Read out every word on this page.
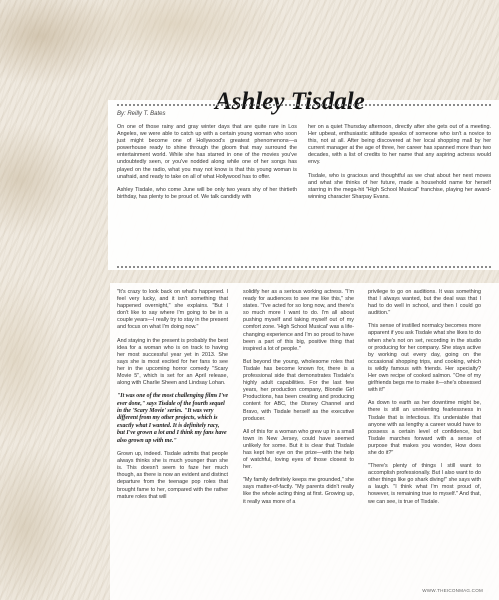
Ashley Tisdale
By: Reilly T. Bates

On one of those rainy and gray winter days that are quite rare in Los Angeles, we were able to catch up with a certain young woman who soon just might become one of Hollywood's greatest phenomenons—a powerhouse ready to shine through the gloom that may surround the entertainment world. While she has starred in one of the movies you've undoubtedly seen, or you've nodded along while one of her songs has played on the radio, what you may not know is that this young woman is unafraid, and ready to take on all of what Hollywood has to offer.

Ashley Tisdale, who come June will be only two years shy of her thirtieth birthday, has plenty to be proud of. We talk candidly with

her on a quiet Thursday afternoon, directly after she gets out of a meeting. Her upbeat, enthusiastic attitude speaks of someone who isn't a novice to this, not at all. After being discovered at her local shopping mall by her current manager at the age of three, her career has spanned more than two decades, with a list of credits to her name that any aspiring actress would envy.

Tisdale, who is gracious and thoughtful as we chat about her next moves and what she thinks of her future, made a household name for herself starring in the mega-hit "High School Musical" franchise, playing her award-winning character Sharpay Evans.

"It's crazy to look back on what's happened. I feel very lucky, and it isn't something that happened overnight," she explains. "But I don't like to say where I'm going to be in a couple years—I really try to stay in the present and focus on what I'm doing now."

And staying in the present is probably the best idea for a woman who is on track to having her most successful year yet in 2013. She says she is most excited for her fans to see her in the upcoming horror comedy "Scary Movie 5", which is set for an April release, along with Charlie Sheen and Lindsay Lohan.

"It was one of the most challenging films I've ever done," says Tisdale of the fourth sequel in the 'Scary Movie' series. "It was very different from my other projects, which is exactly what I wanted. It is definitely racy, but I've grown a lot and I think my fans have also grown up with me."

Grown up, indeed. Tisdale admits that people always thinks she is much younger than she is. This doesn't seem to faze her much though, as there is now an evident and distinct departure from the teenage pop roles that brought fame to her, compared with the rather mature roles that will

solidify her as a serious working actress. "I'm ready for audiences to see me like this," she states. "I've acted for so long now, and there's so much more I want to do. I'm all about pushing myself and taking myself out of my comfort zone. 'High School Musical' was a life-changing experience and I'm so proud to have been a part of this big, positive thing that inspired a lot of people."

But beyond the young, wholesome roles that Tisdale has become known for, there is a professional side that demonstrates Tisdale's highly adult capabilities. For the last few years, her production company, Blondie Girl Productions, has been creating and producing content for ABC, the Disney Channel and Bravo, with Tisdale herself as the executive producer.

All of this for a woman who grew up in a small town in New Jersey, could have seemed unlikely for some. But it is clear that Tisdale has kept her eye on the prize—with the help of watchful, loving eyes of those closest to her.

"My family definitely keeps me grounded," she says matter-of-factly. "My parents didn't really like the whole acting thing at first. Growing up, it really was more of a

privilege to go on auditions. It was something that I always wanted, but the deal was that I had to do well in school, and then I could go audition."

This sense of instilled normalcy becomes more apparent if you ask Tisdale what she likes to do when she's not on set, recording in the studio or producing for her company. She stays active by working out every day, going on the occasional shopping trips, and cooking, which is wildly famous with friends. Her specialty? Her own recipe of cooked salmon. "One of my girlfriends begs me to make it—she's obsessed with it!"

As down to earth as her downtime might be, there is still an unrelenting fearlessness in Tisdale that is infectious. It's undeniable that anyone with as lengthy a career would have to possess a certain level of confidence, but Tisdale marches forward with a sense of purpose that makes you wonder, How does she do it?"

"There's plenty of things I still want to accomplish professionally. But I also want to do other things like go shark diving!" she says with a laugh. "I think what I'm most proud of, however, is remaining true to myself." And that, we can see, is true of Tisdale.

WWW.THEICONMAG.COM
